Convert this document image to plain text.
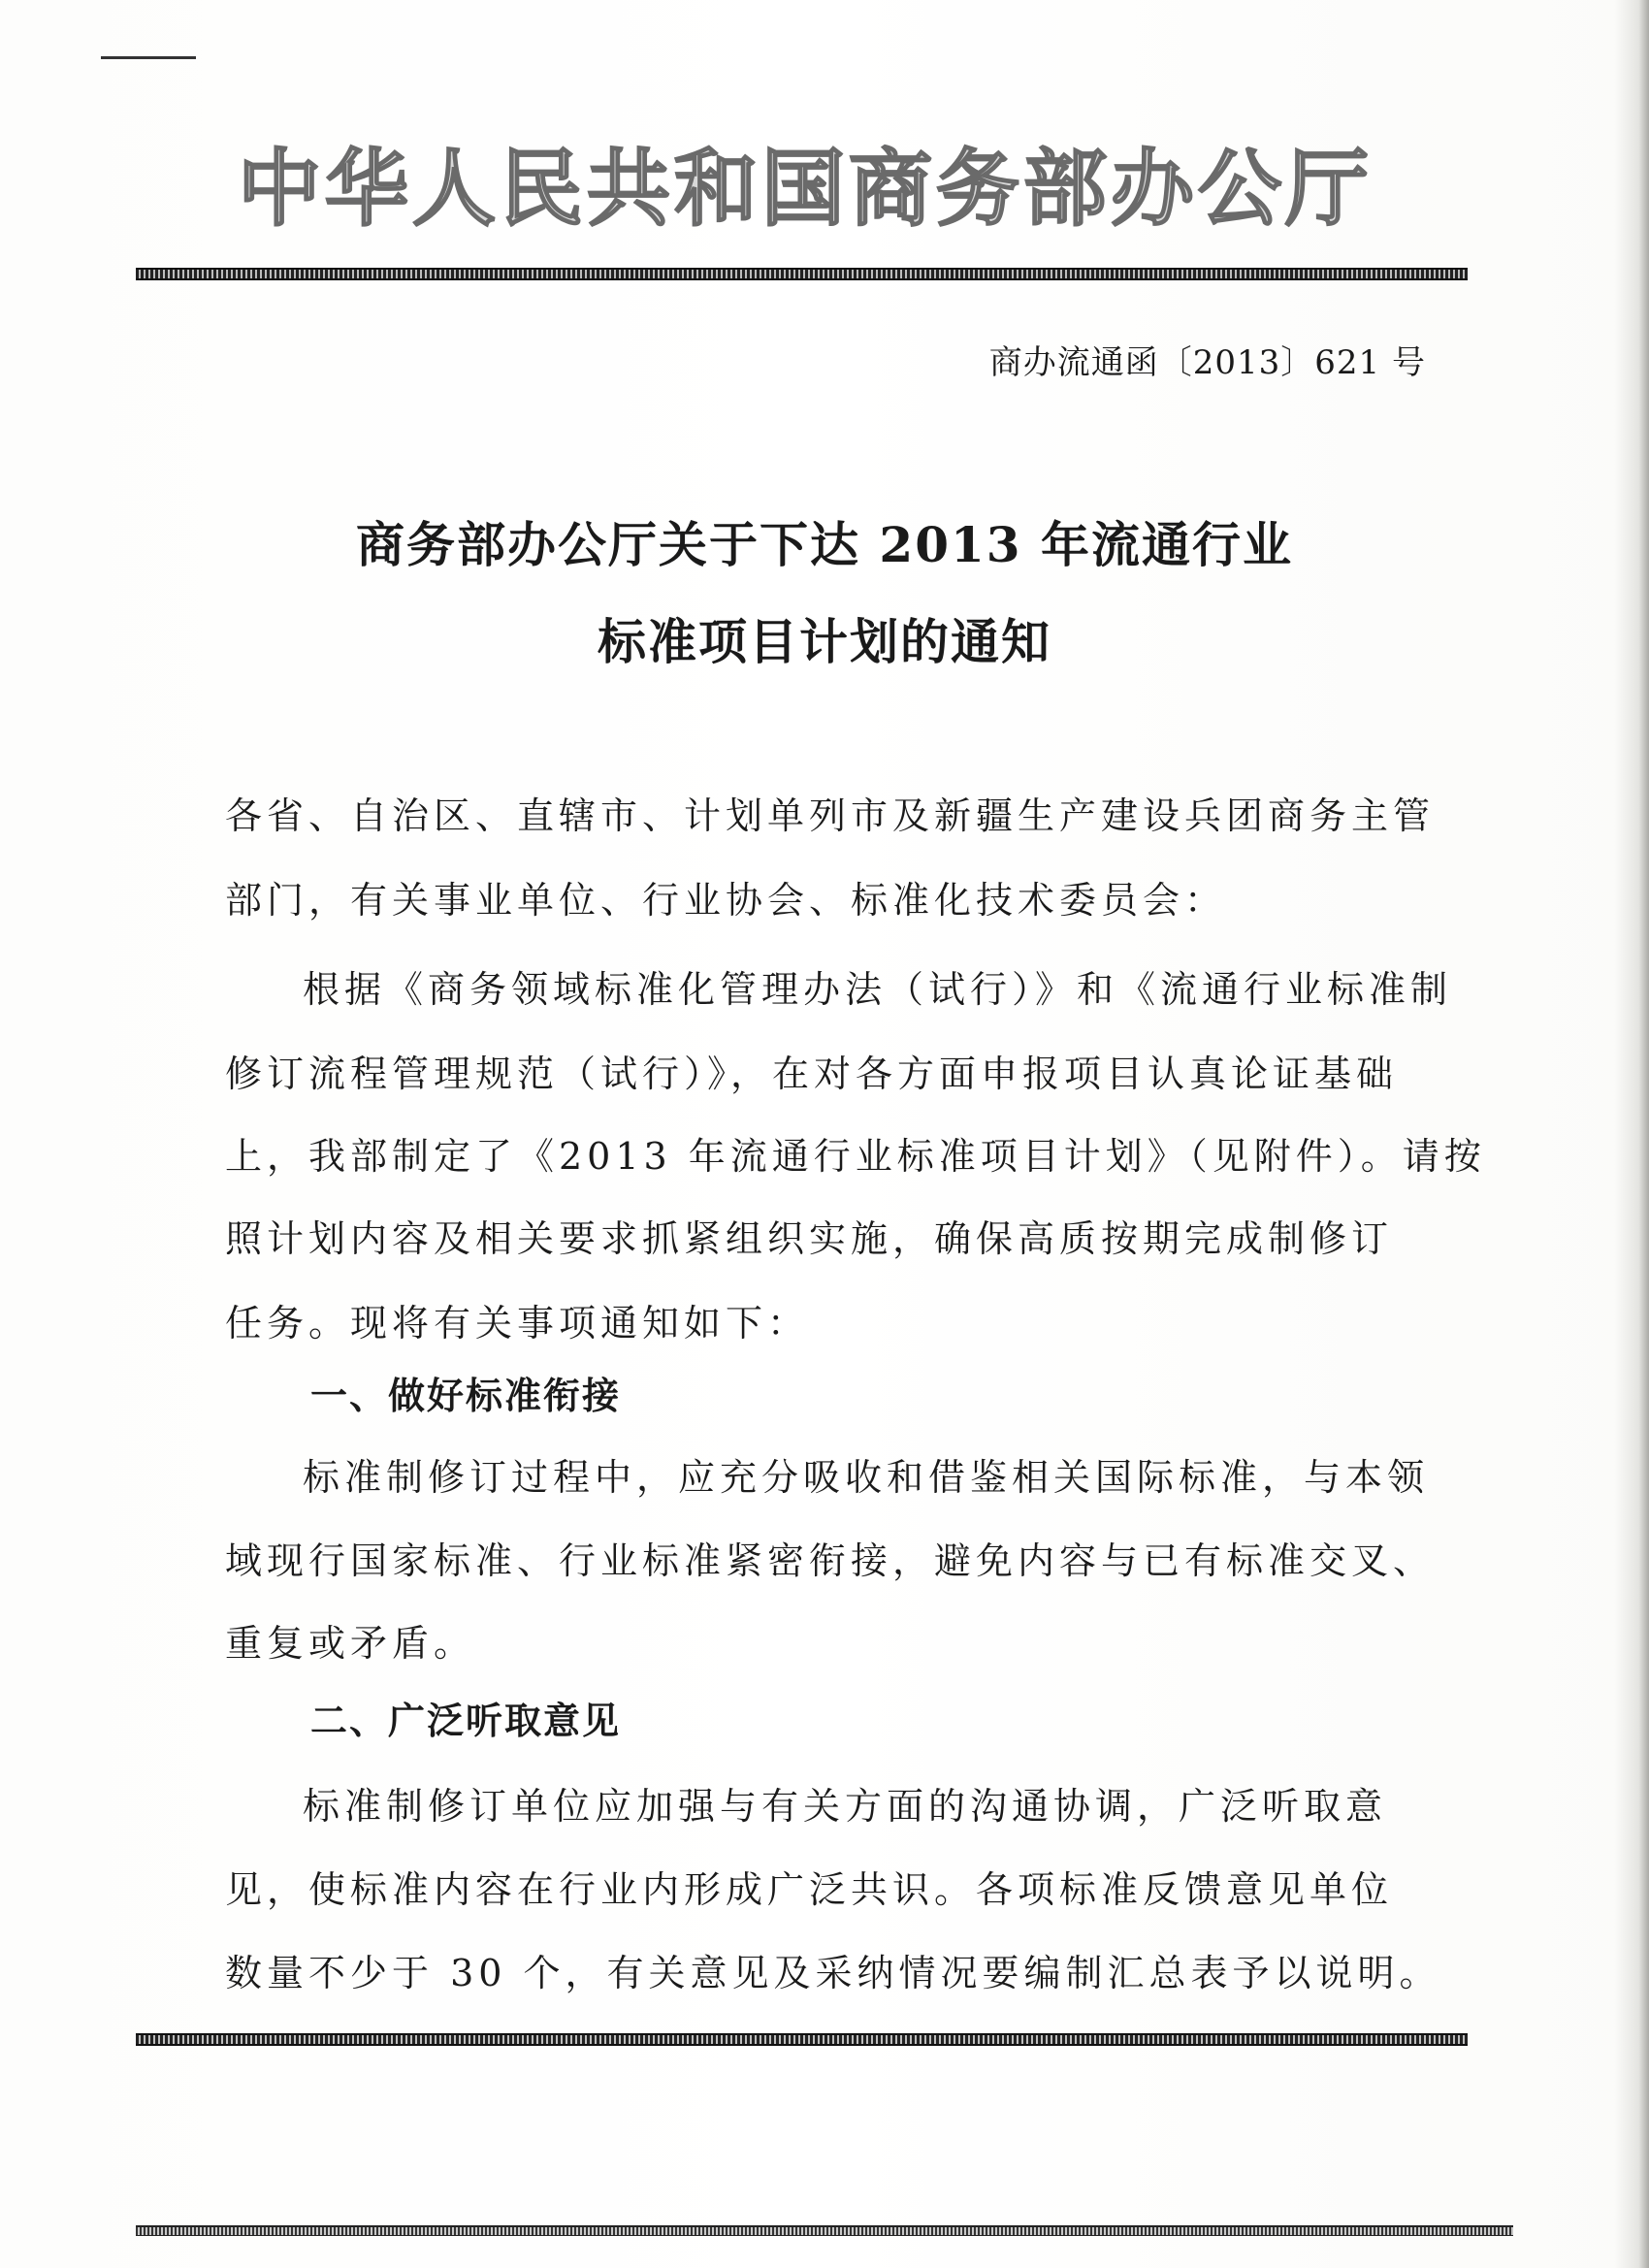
中华人民共和国商务部办公厅
商办流通函〔2013〕621 号
商务部办公厅关于下达 2013 年流通行业
标准项目计划的通知
各省、自治区、直辖市、计划单列市及新疆生产建设兵团商务主管
部门，有关事业单位、行业协会、标准化技术委员会：
根据《商务领域标准化管理办法（试行）》和《流通行业标准制
修订流程管理规范（试行）》，在对各方面申报项目认真论证基础
上，我部制定了《2013 年流通行业标准项目计划》（见附件）。请按
照计划内容及相关要求抓紧组织实施，确保高质按期完成制修订
任务。现将有关事项通知如下：
一、做好标准衔接
标准制修订过程中，应充分吸收和借鉴相关国际标准，与本领
域现行国家标准、行业标准紧密衔接，避免内容与已有标准交叉、
重复或矛盾。
二、广泛听取意见
标准制修订单位应加强与有关方面的沟通协调，广泛听取意
见，使标准内容在行业内形成广泛共识。各项标准反馈意见单位
数量不少于 30 个，有关意见及采纳情况要编制汇总表予以说明。
